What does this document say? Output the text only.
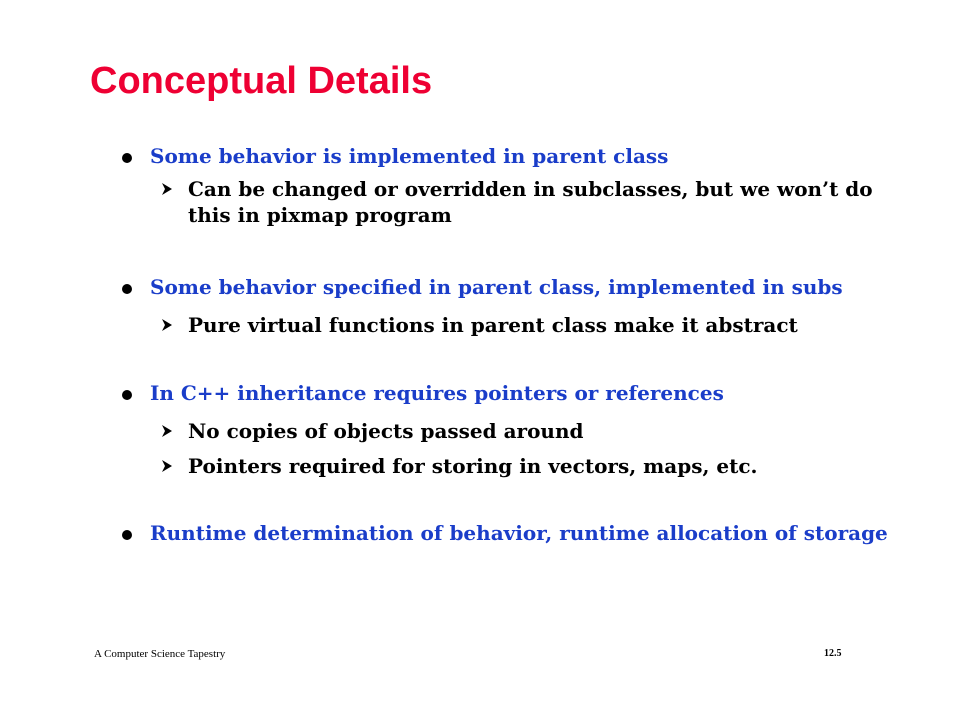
Conceptual Details
Some behavior is implemented in parent class
Can be changed or overridden in subclasses, but we won’t do this in pixmap program
Some behavior specified in parent class, implemented in subs
Pure virtual functions in parent class make it abstract
In C++ inheritance requires pointers or references
No copies of objects passed around
Pointers required for storing in vectors, maps, etc.
Runtime determination of behavior, runtime allocation of storage
A Computer Science Tapestry	12.5
